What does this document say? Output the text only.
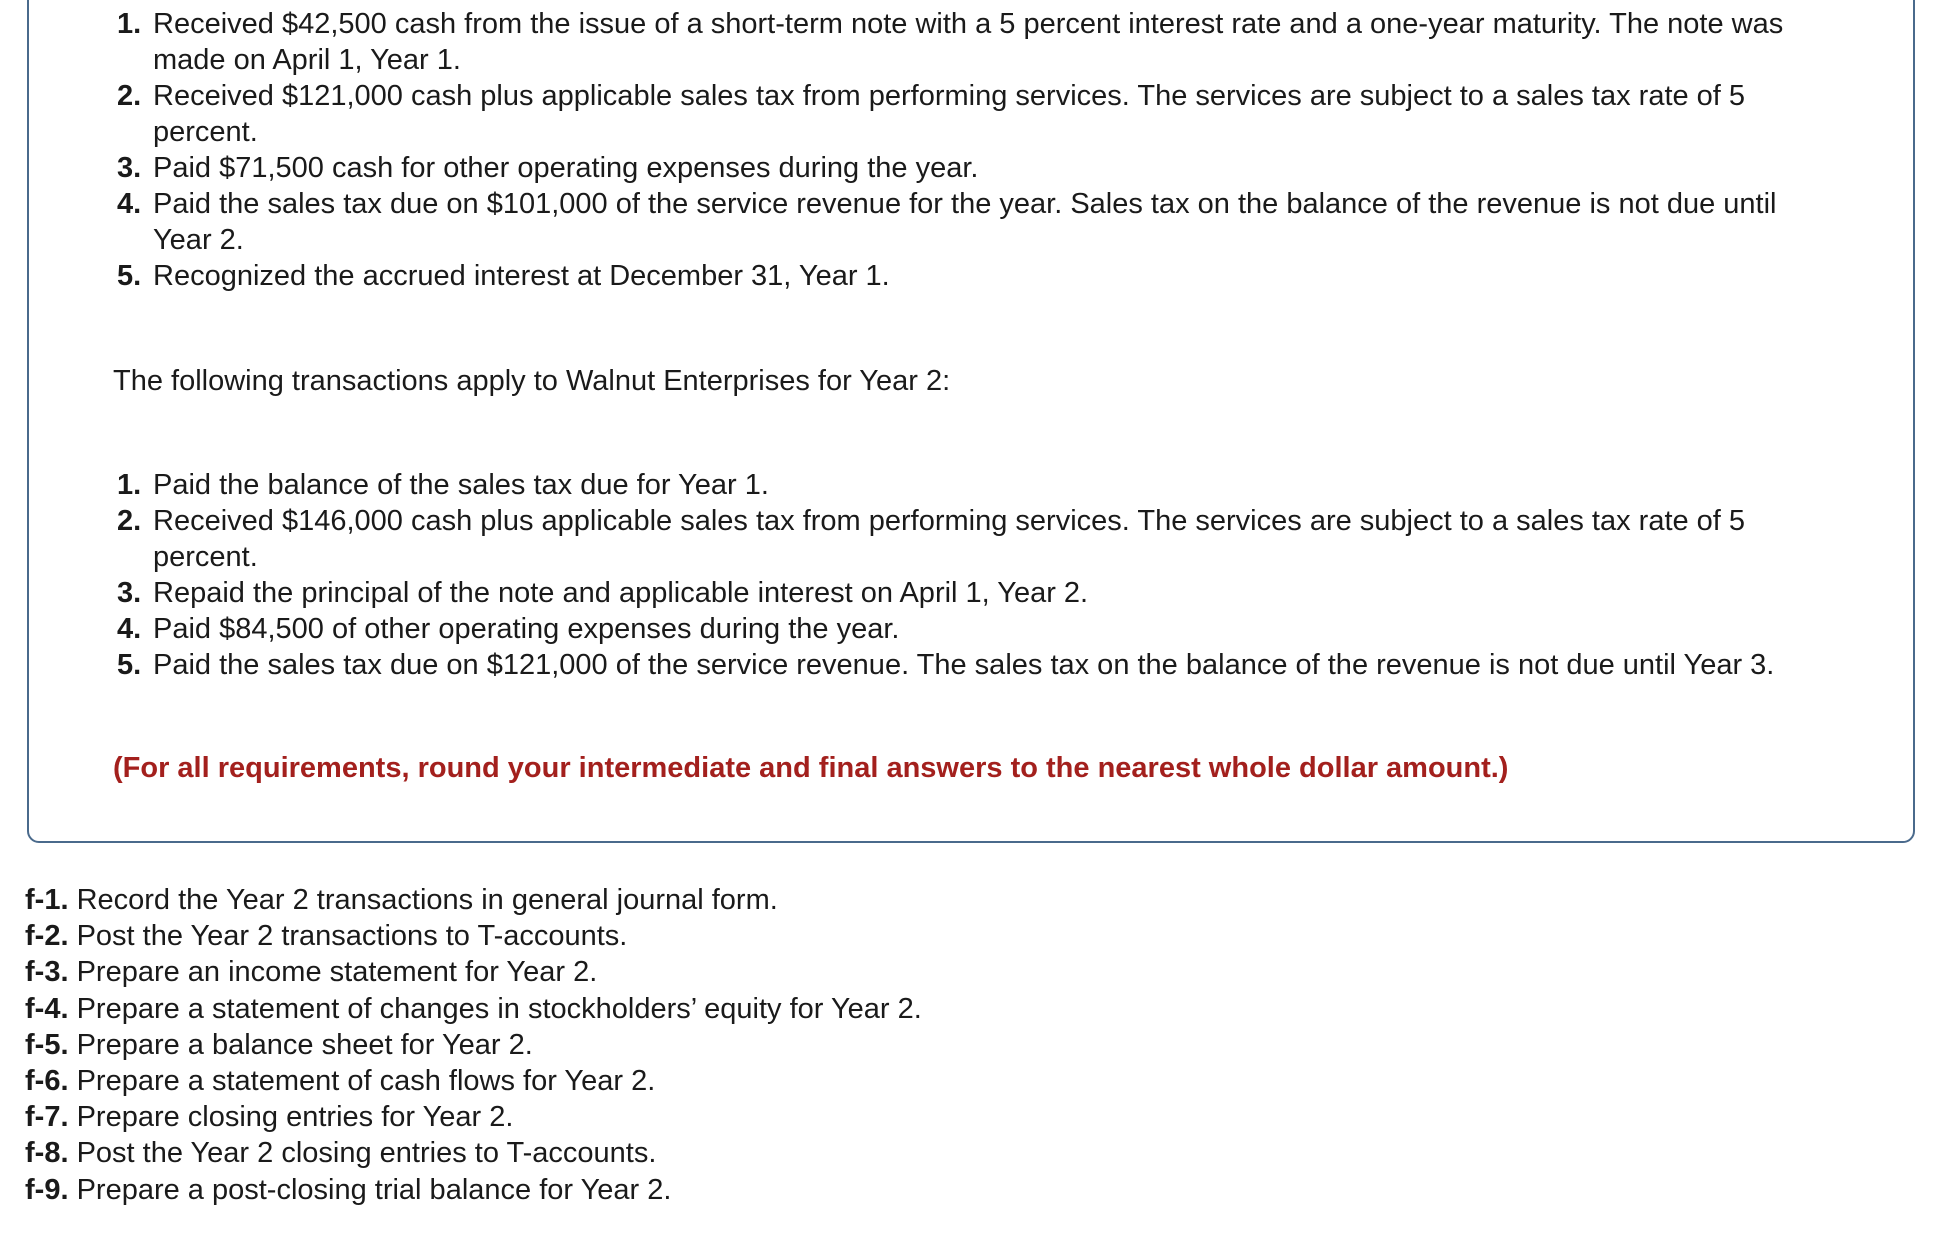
1. Received $42,500 cash from the issue of a short-term note with a 5 percent interest rate and a one-year maturity. The note was made on April 1, Year 1.
2. Received $121,000 cash plus applicable sales tax from performing services. The services are subject to a sales tax rate of 5 percent.
3. Paid $71,500 cash for other operating expenses during the year.
4. Paid the sales tax due on $101,000 of the service revenue for the year. Sales tax on the balance of the revenue is not due until Year 2.
5. Recognized the accrued interest at December 31, Year 1.

The following transactions apply to Walnut Enterprises for Year 2:

1. Paid the balance of the sales tax due for Year 1.
2. Received $146,000 cash plus applicable sales tax from performing services. The services are subject to a sales tax rate of 5 percent.
3. Repaid the principal of the note and applicable interest on April 1, Year 2.
4. Paid $84,500 of other operating expenses during the year.
5. Paid the sales tax due on $121,000 of the service revenue. The sales tax on the balance of the revenue is not due until Year 3.

(For all requirements, round your intermediate and final answers to the nearest whole dollar amount.)

f-1. Record the Year 2 transactions in general journal form.
f-2. Post the Year 2 transactions to T-accounts.
f-3. Prepare an income statement for Year 2.
f-4. Prepare a statement of changes in stockholders’ equity for Year 2.
f-5. Prepare a balance sheet for Year 2.
f-6. Prepare a statement of cash flows for Year 2.
f-7. Prepare closing entries for Year 2.
f-8. Post the Year 2 closing entries to T-accounts.
f-9. Prepare a post-closing trial balance for Year 2.
